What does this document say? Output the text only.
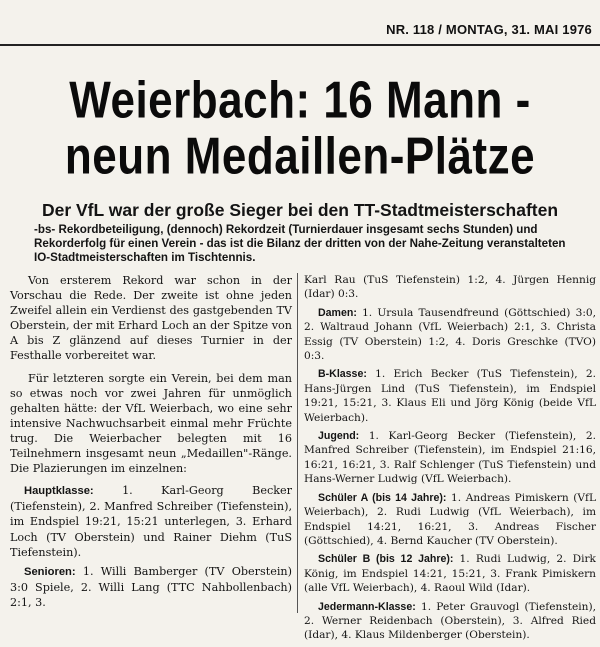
NR. 118 / MONTAG, 31. MAI 1976
Weierbach: 16 Mann -
neun Medaillen-Plätze
Der VfL war der große Sieger bei den TT-Stadtmeisterschaften
-bs- Rekordbeteiligung, (dennoch) Rekordzeit (Turnierdauer insgesamt sechs Stunden) und Rekorderfolg für einen Verein - das ist die Bilanz der dritten von der Nahe-Zeitung veranstalteten IO-Stadtmeisterschaften im Tischtennis.

Von ersterem Rekord war schon in der Vorschau die Rede. Der zweite ist ohne jeden Zweifel allein ein Verdienst des gastgebenden TV Oberstein, der mit Erhard Loch an der Spitze von A bis Z glänzend auf dieses Turnier in der Festhalle vorbereitet war.

Für letzteren sorgte ein Verein, bei dem man so etwas noch vor zwei Jahren für unmöglich gehalten hätte: der VfL Weierbach, wo eine sehr intensive Nachwuchsarbeit einmal mehr Früchte trug. Die Weierbacher belegten mit 16 Teilnehmern insgesamt neun „Medaillen"-Ränge. Die Plazierungen im einzelnen:

Hauptklasse: 1. Karl-Georg Becker (Tiefenstein), 2. Manfred Schreiber (Tiefenstein), im Endspiel 19:21, 15:21 unterlegen, 3. Erhard Loch (TV Oberstein) und Rainer Diehm (TuS Tiefenstein).

Senioren: 1. Willi Bamberger (TV Oberstein) 3:0 Spiele, 2. Willi Lang (TTC Nahbollenbach) 2:1, 3.

Karl Rau (TuS Tiefenstein) 1:2, 4. Jürgen Hennig (Idar) 0:3.

Damen: 1. Ursula Tausendfreund (Göttschied) 3:0, 2. Waltraud Johann (VfL Weierbach) 2:1, 3. Christa Essig (TV Oberstein) 1:2, 4. Doris Greschke (TVO) 0:3.

B-Klasse: 1. Erich Becker (TuS Tiefenstein), 2. Hans-Jürgen Lind (TuS Tiefenstein), im Endspiel 19:21, 15:21, 3. Klaus Eli und Jörg König (beide VfL Weierbach).

Jugend: 1. Karl-Georg Becker (Tiefenstein), 2. Manfred Schreiber (Tiefenstein), im Endspiel 21:16, 16:21, 16:21, 3. Ralf Schlenger (TuS Tiefenstein) und Hans-Werner Ludwig (VfL Weierbach).

Schüler A (bis 14 Jahre): 1. Andreas Pimiskern (VfL Weierbach), 2. Rudi Ludwig (VfL Weierbach), im Endspiel 14:21, 16:21, 3. Andreas Fischer (Göttschied), 4. Bernd Kaucher (TV Oberstein).

Schüler B (bis 12 Jahre): 1. Rudi Ludwig, 2. Dirk König, im Endspiel 14:21, 15:21, 3. Frank Pimiskern (alle VfL Weierbach), 4. Raoul Wild (Idar).

Jedermann-Klasse: 1. Peter Grauvogl (Tiefenstein), 2. Werner Reidenbach (Oberstein), 3. Alfred Ried (Idar), 4. Klaus Mildenberger (Oberstein).
